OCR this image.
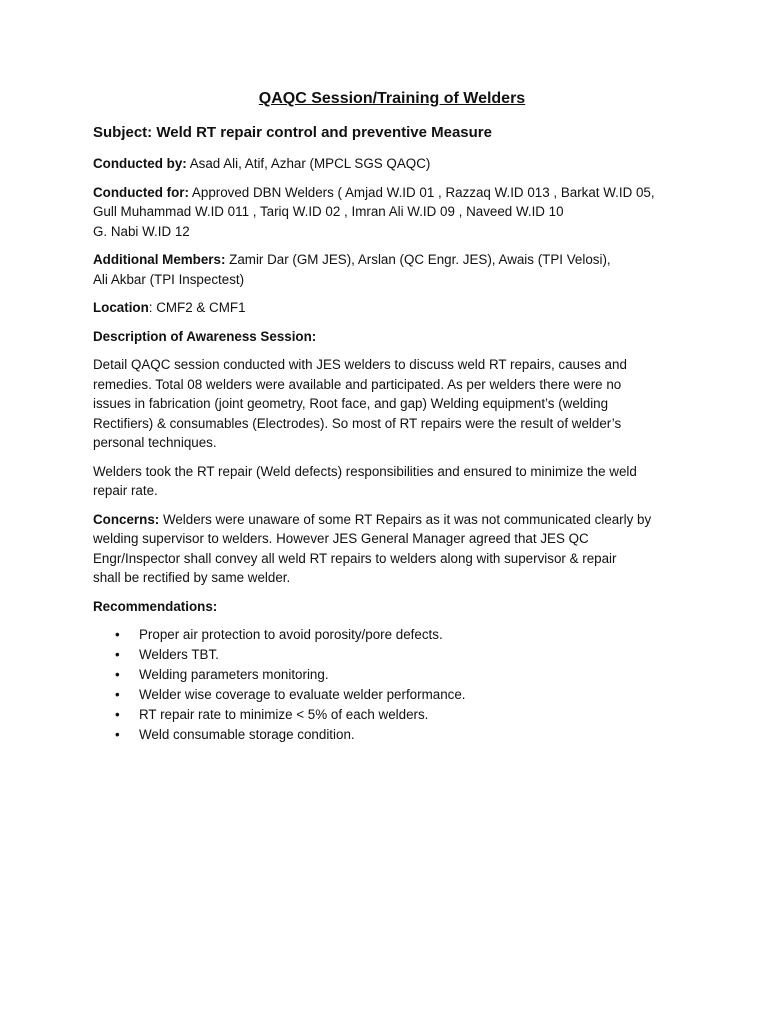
QAQC Session/Training of Welders
Subject: Weld RT repair control and preventive Measure
Conducted by: Asad Ali, Atif, Azhar (MPCL SGS QAQC)
Conducted for: Approved DBN Welders ( Amjad W.ID 01 , Razzaq W.ID 013 , Barkat W.ID 05,
Gull Muhammad W.ID 011 , Tariq W.ID 02 , Imran Ali W.ID 09 , Naveed W.ID 10
G. Nabi W.ID 12
Additional Members: Zamir Dar (GM JES), Arslan (QC Engr. JES), Awais (TPI Velosi),
Ali Akbar (TPI Inspectest)
Location: CMF2 & CMF1
Description of Awareness Session:
Detail QAQC session conducted with JES welders to discuss weld RT repairs, causes and
remedies. Total 08 welders were available and participated. As per welders there were no
issues in fabrication (joint geometry, Root face, and gap) Welding equipment’s (welding
Rectifiers) & consumables (Electrodes). So most of RT repairs were the result of welder’s
personal techniques.
Welders took the RT repair (Weld defects) responsibilities and ensured to minimize the weld
repair rate.
Concerns: Welders were unaware of some RT Repairs as it was not communicated clearly by
welding supervisor to welders. However JES General Manager agreed that JES QC
Engr/Inspector shall convey all weld RT repairs to welders along with supervisor & repair
shall be rectified by same welder.
Recommendations:
• Proper air protection to avoid porosity/pore defects.
• Welders TBT.
• Welding parameters monitoring.
• Welder wise coverage to evaluate welder performance.
• RT repair rate to minimize < 5% of each welders.
• Weld consumable storage condition.
